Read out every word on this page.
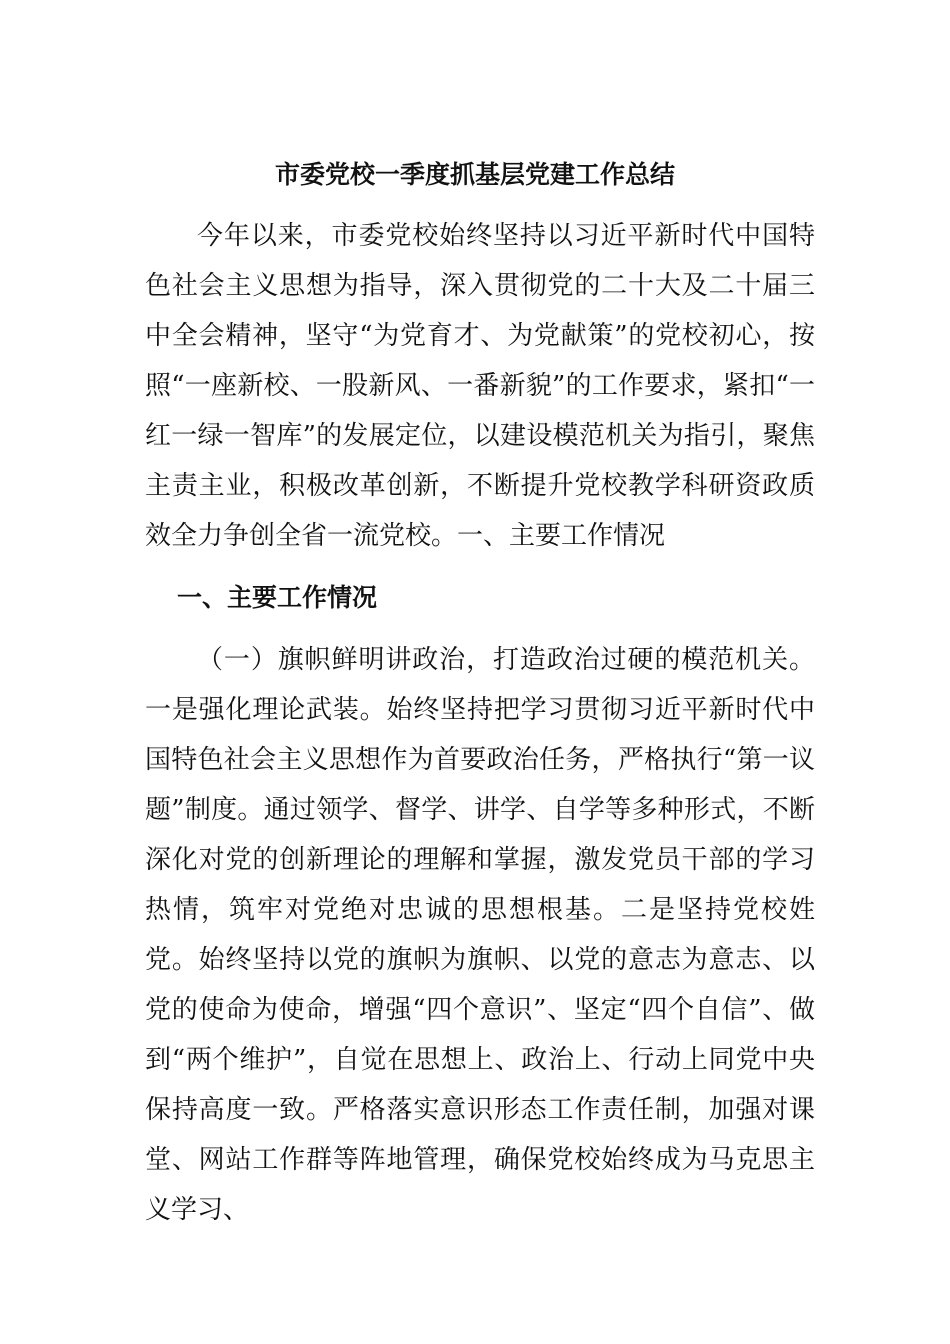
市委党校一季度抓基层党建工作总结

今年以来，市委党校始终坚持以习近平新时代中国特色社会主义思想为指导，深入贯彻党的二十大及二十届三中全会精神，坚守“为党育才、为党献策”的党校初心，按照“一座新校、一股新风、一番新貌”的工作要求，紧扣“一红一绿一智库”的发展定位，以建设模范机关为指引，聚焦主责主业，积极改革创新，不断提升党校教学科研资政质效全力争创全省一流党校。一、主要工作情况

一、主要工作情况

（一）旗帜鲜明讲政治，打造政治过硬的模范机关。一是强化理论武装。始终坚持把学习贯彻习近平新时代中国特色社会主义思想作为首要政治任务，严格执行“第一议题”制度。通过领学、督学、讲学、自学等多种形式，不断深化对党的创新理论的理解和掌握，激发党员干部的学习热情，筑牢对党绝对忠诚的思想根基。二是坚持党校姓党。始终坚持以党的旗帜为旗帜、以党的意志为意志、以党的使命为使命，增强“四个意识”、坚定“四个自信”、做到“两个维护”，自觉在思想上、政治上、行动上同党中央保持高度一致。严格落实意识形态工作责任制，加强对课堂、网站工作群等阵地管理，确保党校始终成为马克思主义学习、
